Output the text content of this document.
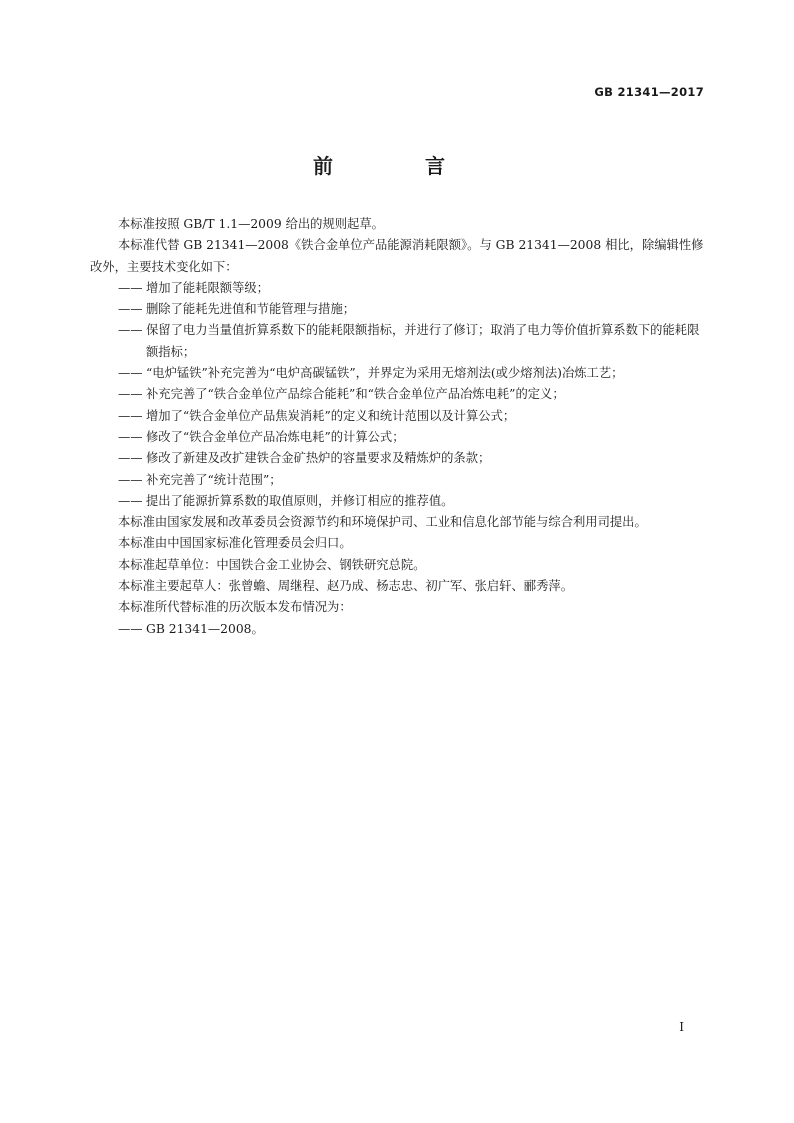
GB 21341—2017
前　言

本标准按照 GB/T 1.1—2009 给出的规则起草。

本标准代替 GB 21341—2008《铁合金单位产品能源消耗限额》。与 GB 21341—2008 相比，除编辑性修改外，主要技术变化如下：

—— 增加了能耗限额等级；

—— 删除了能耗先进值和节能管理与措施；

—— 保留了电力当量值折算系数下的能耗限额指标，并进行了修订；取消了电力等价值折算系数下的能耗限额指标；

—— “电炉锰铁”补充完善为“电炉高碳锰铁”，并界定为采用无熔剂法(或少熔剂法)冶炼工艺；

—— 补充完善了“铁合金单位产品综合能耗”和“铁合金单位产品冶炼电耗”的定义；

—— 增加了“铁合金单位产品焦炭消耗”的定义和统计范围以及计算公式；

—— 修改了“铁合金单位产品冶炼电耗”的计算公式；

—— 修改了新建及改扩建铁合金矿热炉的容量要求及精炼炉的条款；

—— 补充完善了“统计范围”；

—— 提出了能源折算系数的取值原则，并修订相应的推荐值。

本标准由国家发展和改革委员会资源节约和环境保护司、工业和信息化部节能与综合利用司提出。

本标准由中国国家标准化管理委员会归口。

本标准起草单位：中国铁合金工业协会、钢铁研究总院。

本标准主要起草人：张曾蟾、周继程、赵乃成、杨志忠、初广军、张启轩、郦秀萍。

本标准所代替标准的历次版本发布情况为：

—— GB 21341—2008。

I
